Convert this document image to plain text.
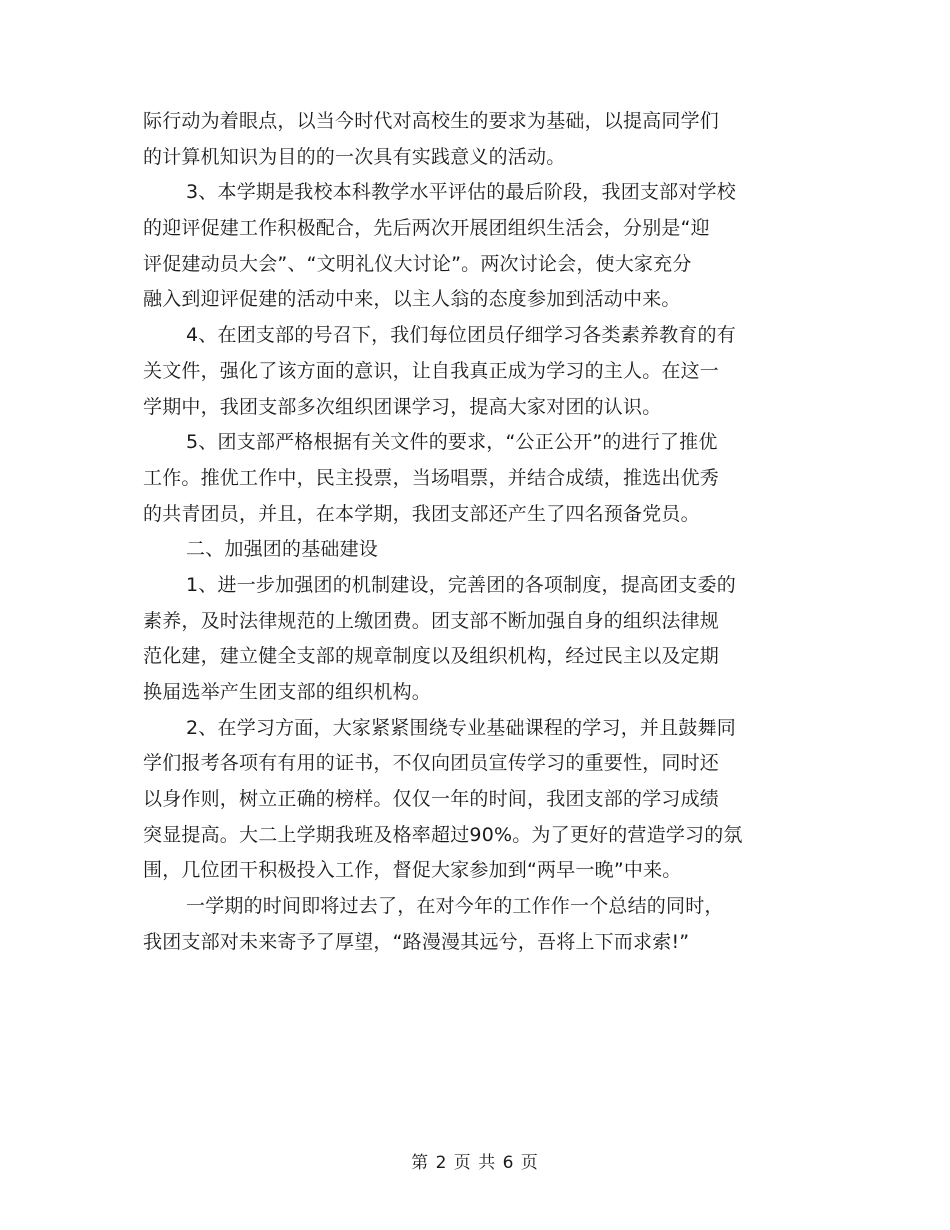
际行动为着眼点，以当今时代对高校生的要求为基础，以提高同学们
的计算机知识为目的的一次具有实践意义的活动。
3、本学期是我校本科教学水平评估的最后阶段，我团支部对学校
的迎评促建工作积极配合，先后两次开展团组织生活会，分别是“迎
评促建动员大会”、“文明礼仪大讨论”。两次讨论会，使大家充分
融入到迎评促建的活动中来，以主人翁的态度参加到活动中来。
4、在团支部的号召下，我们每位团员仔细学习各类素养教育的有
关文件，强化了该方面的意识，让自我真正成为学习的主人。在这一
学期中，我团支部多次组织团课学习，提高大家对团的认识。
5、团支部严格根据有关文件的要求，“公正公开”的进行了推优
工作。推优工作中，民主投票，当场唱票，并结合成绩，推选出优秀
的共青团员，并且，在本学期，我团支部还产生了四名预备党员。
二、加强团的基础建设
1、进一步加强团的机制建设，完善团的各项制度，提高团支委的
素养，及时法律规范的上缴团费。团支部不断加强自身的组织法律规
范化建，建立健全支部的规章制度以及组织机构，经过民主以及定期
换届选举产生团支部的组织机构。
2、在学习方面，大家紧紧围绕专业基础课程的学习，并且鼓舞同
学们报考各项有有用的证书，不仅向团员宣传学习的重要性，同时还
以身作则，树立正确的榜样。仅仅一年的时间，我团支部的学习成绩
突显提高。大二上学期我班及格率超过90%。为了更好的营造学习的氛
围，几位团干积极投入工作，督促大家参加到“两早一晚”中来。
一学期的时间即将过去了，在对今年的工作作一个总结的同时，
我团支部对未来寄予了厚望，“路漫漫其远兮，吾将上下而求索!”
第 2 页 共 6 页
